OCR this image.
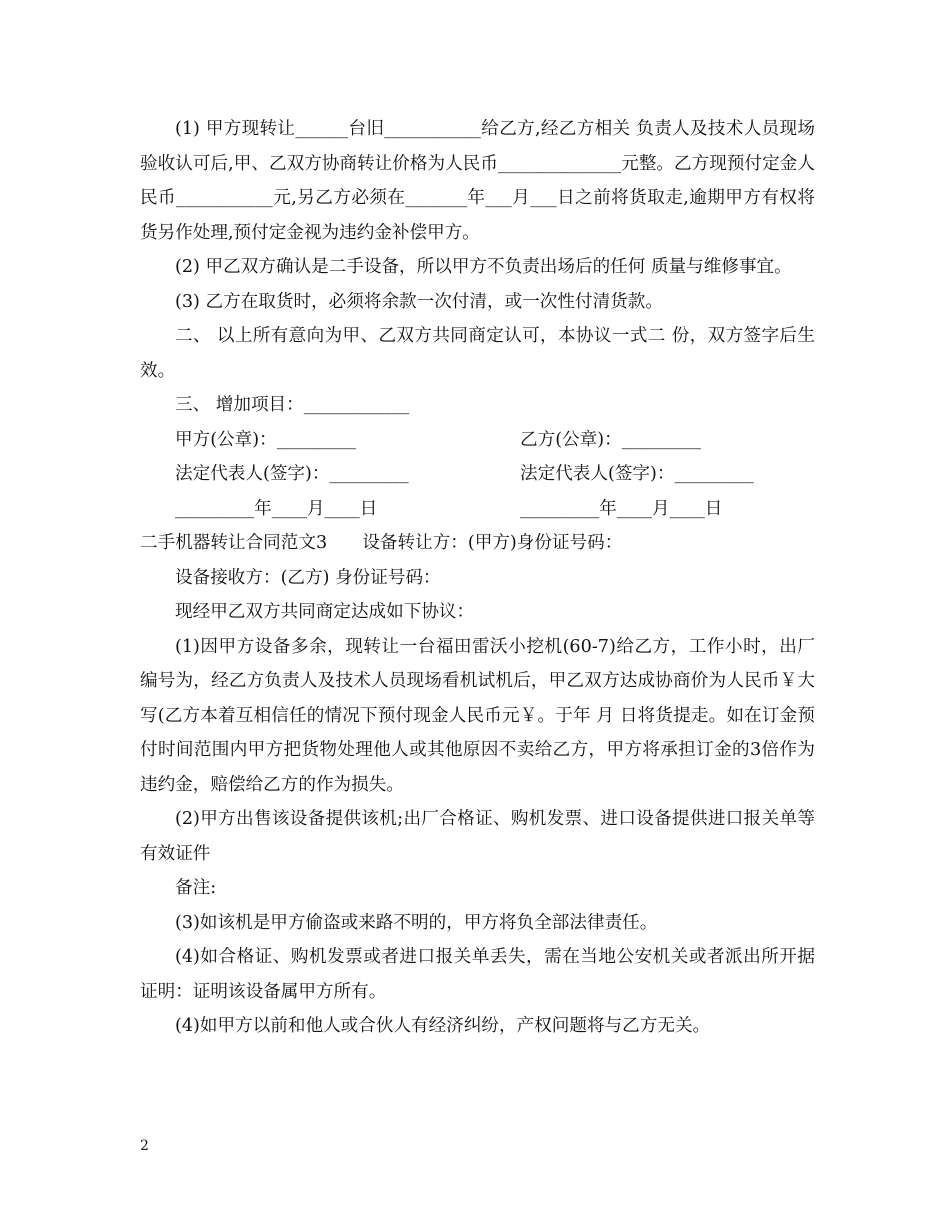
(1) 甲方现转让______台旧___________给乙方,经乙方相关 负责人及技术人员现场验收认可后,甲、乙双方协商转让价格为人民币______________元整。乙方现预付定金人民币___________元,另乙方必须在_______年___月___日之前将货取走,逾期甲方有权将货另作处理,预付定金视为违约金补偿甲方。

(2) 甲乙双方确认是二手设备，所以甲方不负责出场后的任何 质量与维修事宜。

(3) 乙方在取货时，必须将余款一次付清，或一次性付清货款。

二、 以上所有意向为甲、乙双方共同商定认可，本协议一式二 份，双方签字后生效。

三、 增加项目：____________

甲方(公章)：_________	乙方(公章)：_________
法定代表人(签字)：_________	法定代表人(签字)：_________
_________年____月____日	_________年____月____日

二手机器转让合同范文3　　设备转让方：(甲方)身份证号码：

设备接收方：(乙方) 身份证号码：

现经甲乙双方共同商定达成如下协议：

(1)因甲方设备多余，现转让一台福田雷沃小挖机(60-7)给乙方，工作小时，出厂编号为，经乙方负责人及技术人员现场看机试机后，甲乙双方达成协商价为人民币￥大写(乙方本着互相信任的情况下预付现金人民币元￥。于年 月 日将货提走。如在订金预付时间范围内甲方把货物处理他人或其他原因不卖给乙方，甲方将承担订金的3倍作为违约金，赔偿给乙方的作为损失。

(2)甲方出售该设备提供该机;出厂合格证、购机发票、进口设备提供进口报关单等有效证件

备注:

(3)如该机是甲方偷盗或来路不明的，甲方将负全部法律责任。

(4)如合格证、购机发票或者进口报关单丢失，需在当地公安机关或者派出所开据证明：证明该设备属甲方所有。

(4)如甲方以前和他人或合伙人有经济纠纷，产权问题将与乙方无关。

2
